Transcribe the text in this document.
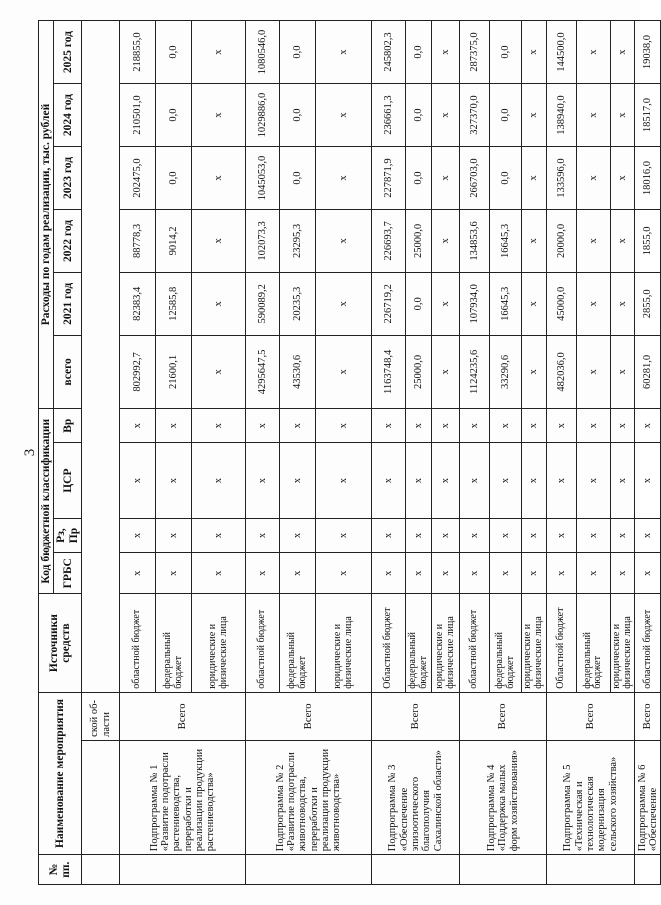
3
№ пп.	Наименование мероприятия		Источники средств	Код бюджетной классификации				Расходы по годам реализации, тыс. рублей					
				ГРБС	Рз, Пр	ЦСР	Вр	всего	2021 год	2022 год	2023 год	2024 год	2025 год
		ской об-ласти											
	Подпрограмма № 1 «Развитие подотрасли растениеводства, переработки и реализации продукции растениеводства»	Всего	областной бюджет	х	х	х	х	802992,7	82383,4	88778,3	202475,0	210501,0	218855,0
			федеральный бюджет	х	х	х	х	21600,1	12585,8	9014,2	0,0	0,0	0,0
			юридические и физические лица	х	х	х	х	х	х	х	х	х	х
	Подпрограмма № 2 «Развитие подотрасли животноводства, переработки и реализации продукции животноводства»	Всего	областной бюджет	х	х	х	х	4295647,5	590089,2	102073,3	1045053,0	1029886,0	1080546,0
			федеральный бюджет	х	х	х	х	43530,6	20235,3	23295,3	0,0	0,0	0,0
			юридические и физические лица	х	х	х	х	х	х	х	х	х	х
	Подпрограмма № 3 «Обеспечение эпизоотического благополучия Сахалинской области»	Всего	Областной бюджет	х	х	х	х	1163748,4	226719,2	226693,7	227871,9	236661,3	245802,3
			федеральный бюджет	х	х	х	х	25000,0	0,0	25000,0	0,0	0,0	0,0
			юридические и физические лица	х	х	х	х	х	х	х	х	х	х
	Подпрограмма № 4 «Поддержка малых форм хозяйствования»	Всего	областной бюджет	х	х	х	х	1124235,6	107934,0	134853,6	266703,0	327370,0	287375,0
			федеральный бюджет	х	х	х	х	33290,6	16645,3	16645,3	0,0	0,0	0,0
			юридические и физические лица	х	х	х	х	х	х	х	х	х	х
	Подпрограмма № 5 «Техническая и технологическая модернизация сельского хозяйства»	Всего	Областной бюджет	х	х	х	х	482036,0	45000,0	20000,0	133596,0	138940,0	144500,0
			федеральный бюджет	х	х	х	х	х	х	х	х	х	х
			юридические и физические лица	х	х	х	х	х	х	х	х	х	х
	Подпрограмма № 6 «Обеспечение	Всего	областной бюджет	х	х	х	х	60281,0	2855,0	1855,0	18016,0	18517,0	19038,0
